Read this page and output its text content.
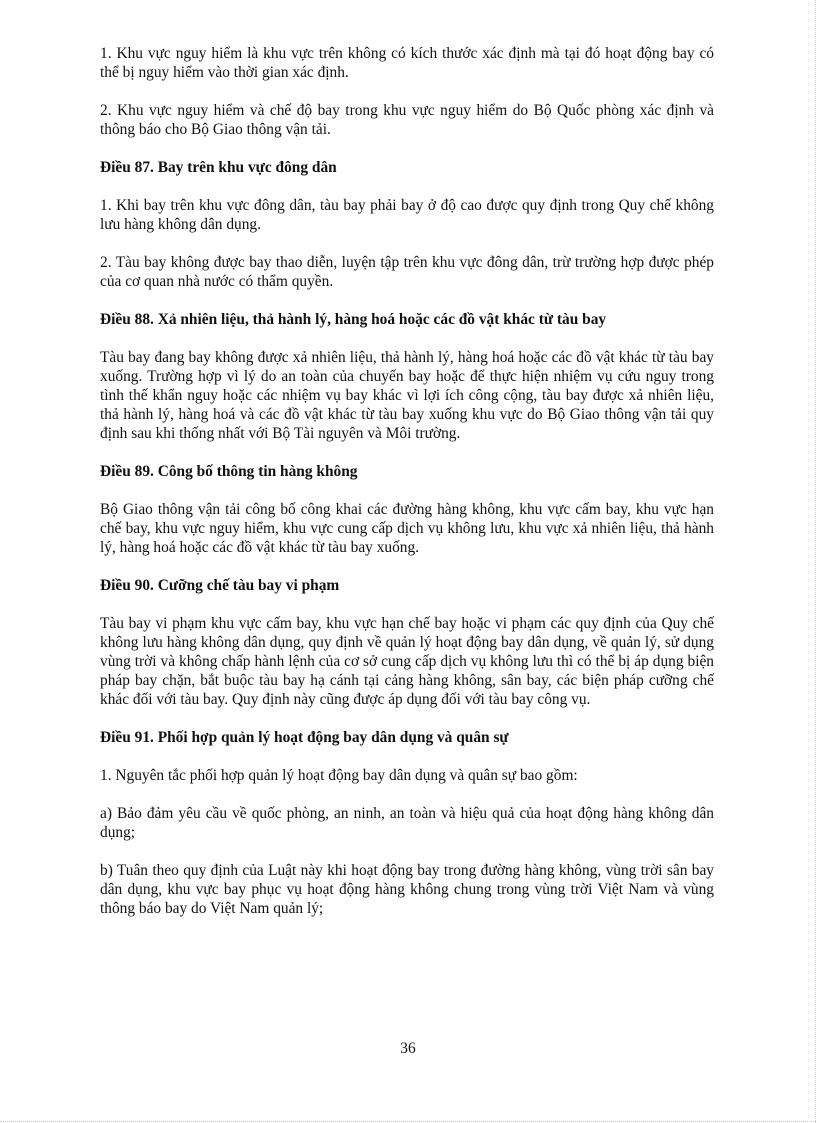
1. Khu vực nguy hiểm là khu vực trên không có kích thước xác định mà tại đó hoạt động bay có thể bị nguy hiểm vào thời gian xác định.

2. Khu vực nguy hiểm và chế độ bay trong khu vực nguy hiểm do Bộ Quốc phòng xác định và thông báo cho Bộ Giao thông vận tải.

Điều 87. Bay trên khu vực đông dân

1. Khi bay trên khu vực đông dân, tàu bay phải bay ở độ cao được quy định trong Quy chế không lưu hàng không dân dụng.

2. Tàu bay không được bay thao diễn, luyện tập trên khu vực đông dân, trừ trường hợp được phép của cơ quan nhà nước có thẩm quyền.

Điều 88. Xả nhiên liệu, thả hành lý, hàng hoá hoặc các đồ vật khác từ tàu bay

Tàu bay đang bay không được xả nhiên liệu, thả hành lý, hàng hoá hoặc các đồ vật khác từ tàu bay xuống. Trường hợp vì lý do an toàn của chuyến bay hoặc để thực hiện nhiệm vụ cứu nguy trong tình thế khẩn nguy hoặc các nhiệm vụ bay khác vì lợi ích công cộng, tàu bay được xả nhiên liệu, thả hành lý, hàng hoá và các đồ vật khác từ tàu bay xuống khu vực do Bộ Giao thông vận tải quy định sau khi thống nhất với Bộ Tài nguyên và Môi trường.

Điều 89. Công bố thông tin hàng không

Bộ Giao thông vận tải công bố công khai các đường hàng không, khu vực cấm bay, khu vực hạn chế bay, khu vực nguy hiểm, khu vực cung cấp dịch vụ không lưu, khu vực xả nhiên liệu, thả hành lý, hàng hoá hoặc các đồ vật khác từ tàu bay xuống.

Điều 90. Cưỡng chế tàu bay vi phạm

Tàu bay vi phạm khu vực cấm bay, khu vực hạn chế bay hoặc vi phạm các quy định của Quy chế không lưu hàng không dân dụng, quy định về quản lý hoạt động bay dân dụng, về quản lý, sử dụng vùng trời và không chấp hành lệnh của cơ sở cung cấp dịch vụ không lưu thì có thể bị áp dụng biện pháp bay chặn, bắt buộc tàu bay hạ cánh tại cảng hàng không, sân bay, các biện pháp cưỡng chế khác đối với tàu bay. Quy định này cũng được áp dụng đối với tàu bay công vụ.

Điều 91. Phối hợp quản lý hoạt động bay dân dụng và quân sự

1. Nguyên tắc phối hợp quản lý hoạt động bay dân dụng và quân sự bao gồm:

a) Bảo đảm yêu cầu về quốc phòng, an ninh, an toàn và hiệu quả của hoạt động hàng không dân dụng;

b) Tuân theo quy định của Luật này khi hoạt động bay trong đường hàng không, vùng trời sân bay dân dụng, khu vực bay phục vụ hoạt động hàng không chung trong vùng trời Việt Nam và vùng thông báo bay do Việt Nam quản lý;

36
